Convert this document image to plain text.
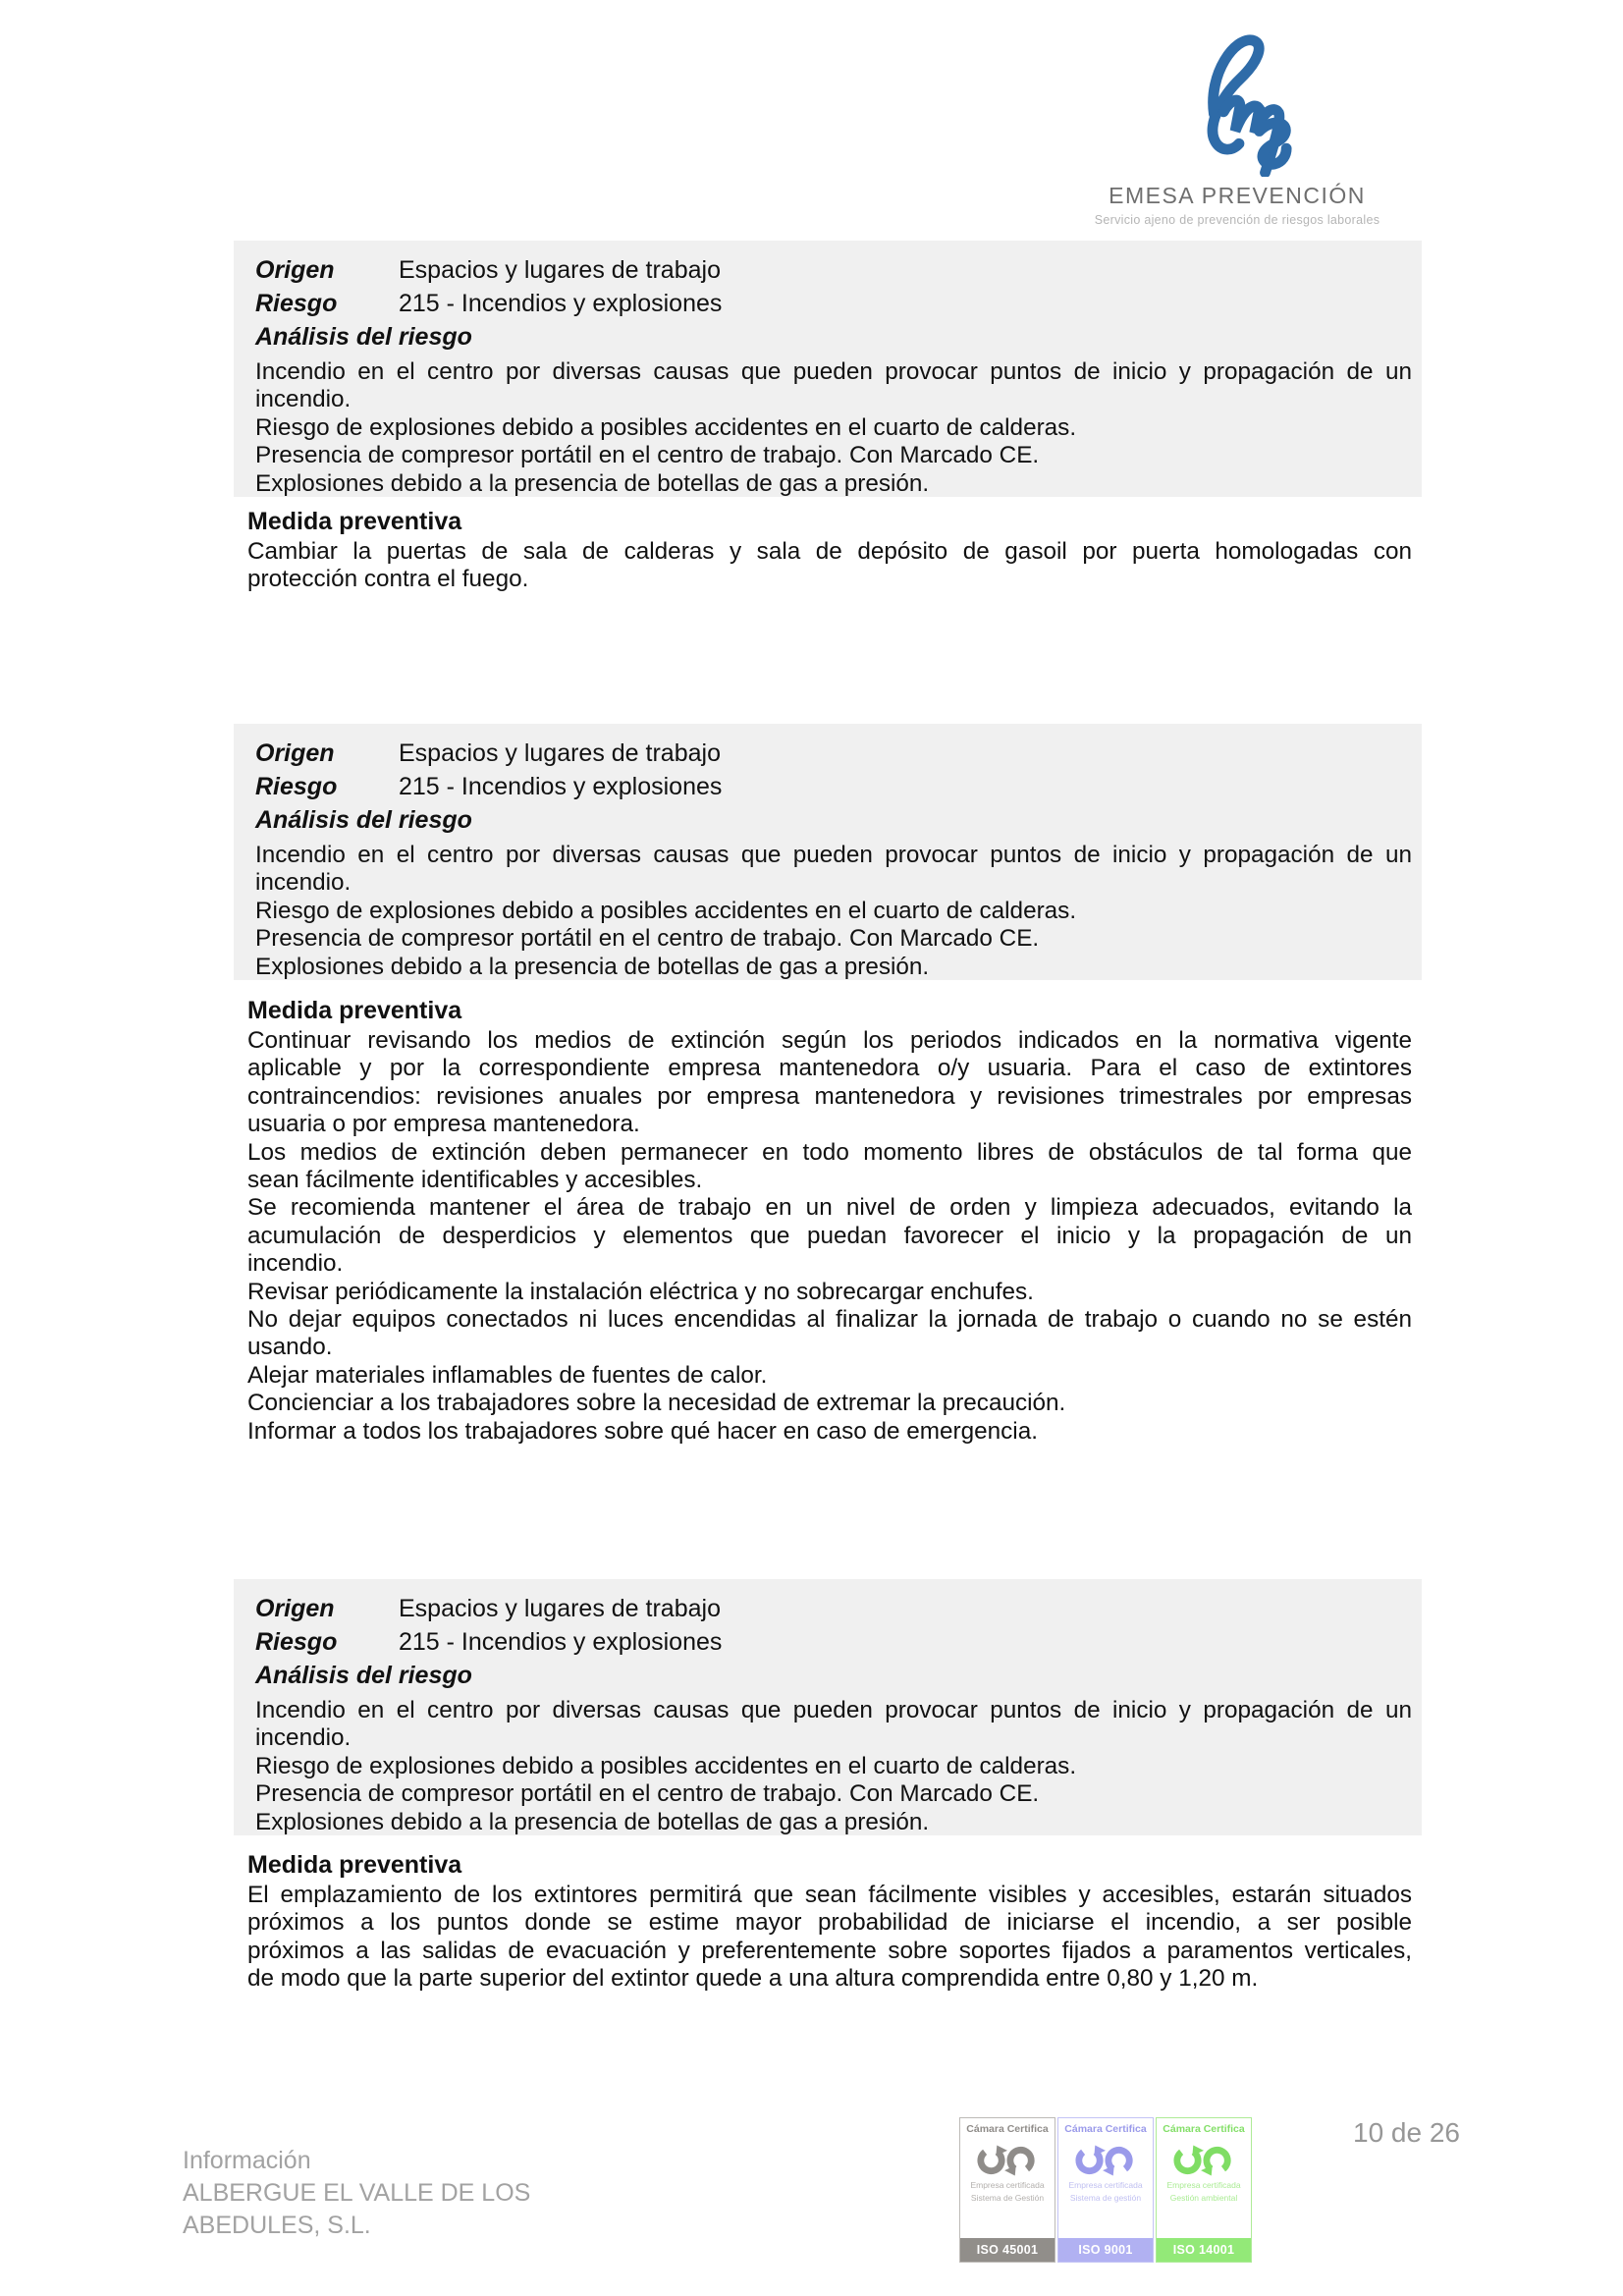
EMESA PREVENCIÓN
Servicio ajeno de prevención de riesgos laborales
Origen	Espacios y lugares de trabajo
Riesgo	215 - Incendios y explosiones
Análisis del riesgo

Incendio en el centro por diversas causas que pueden provocar puntos de inicio y propagación de un
incendio.

Riesgo de explosiones debido a posibles accidentes en el cuarto de calderas.

Presencia de compresor portátil en el centro de trabajo. Con Marcado CE.

Explosiones debido a la presencia de botellas de gas a presión.

Medida preventiva

Cambiar la puertas de sala de calderas y sala de depósito de gasoil por puerta homologadas con
protección contra el fuego.

Origen	Espacios y lugares de trabajo
Riesgo	215 - Incendios y explosiones
Análisis del riesgo

Incendio en el centro por diversas causas que pueden provocar puntos de inicio y propagación de un
incendio.

Riesgo de explosiones debido a posibles accidentes en el cuarto de calderas.

Presencia de compresor portátil en el centro de trabajo. Con Marcado CE.

Explosiones debido a la presencia de botellas de gas a presión.

Medida preventiva

Continuar revisando los medios de extinción según los periodos indicados en la normativa vigente
aplicable y por la correspondiente empresa mantenedora o/y usuaria. Para el caso de extintores
contraincendios: revisiones anuales por empresa mantenedora y revisiones trimestrales por empresas
usuaria o por empresa mantenedora.

Los medios de extinción deben permanecer en todo momento libres de obstáculos de tal forma que
sean fácilmente identificables y accesibles.

Se recomienda mantener el área de trabajo en un nivel de orden y limpieza adecuados, evitando la
acumulación de desperdicios y elementos que puedan favorecer el inicio y la propagación de un
incendio.

Revisar periódicamente la instalación eléctrica y no sobrecargar enchufes.

No dejar equipos conectados ni luces encendidas al finalizar la jornada de trabajo o cuando no se estén
usando.

Alejar materiales inflamables de fuentes de calor.

Concienciar a los trabajadores sobre la necesidad de extremar la precaución.

Informar a todos los trabajadores sobre qué hacer en caso de emergencia.

Origen	Espacios y lugares de trabajo
Riesgo	215 - Incendios y explosiones
Análisis del riesgo

Incendio en el centro por diversas causas que pueden provocar puntos de inicio y propagación de un
incendio.

Riesgo de explosiones debido a posibles accidentes en el cuarto de calderas.

Presencia de compresor portátil en el centro de trabajo. Con Marcado CE.

Explosiones debido a la presencia de botellas de gas a presión.

Medida preventiva

El emplazamiento de los extintores permitirá que sean fácilmente visibles y accesibles, estarán situados
próximos a los puntos donde se estime mayor probabilidad de iniciarse el incendio, a ser posible
próximos a las salidas de evacuación y preferentemente sobre soportes fijados a paramentos verticales,
de modo que la parte superior del extintor quede a una altura comprendida entre 0,80 y 1,20 m.

Información
ALBERGUE EL VALLE DE LOS
ABEDULES, S.L.
Cámara Certifica
Empresa certificada
Sistema de Gestión
ISO 45001
Cámara Certifica
Empresa certificada
Sistema de gestión
ISO 9001
Cámara Certifica
Empresa certificada
Gestión ambiental
ISO 14001
10 de 26
